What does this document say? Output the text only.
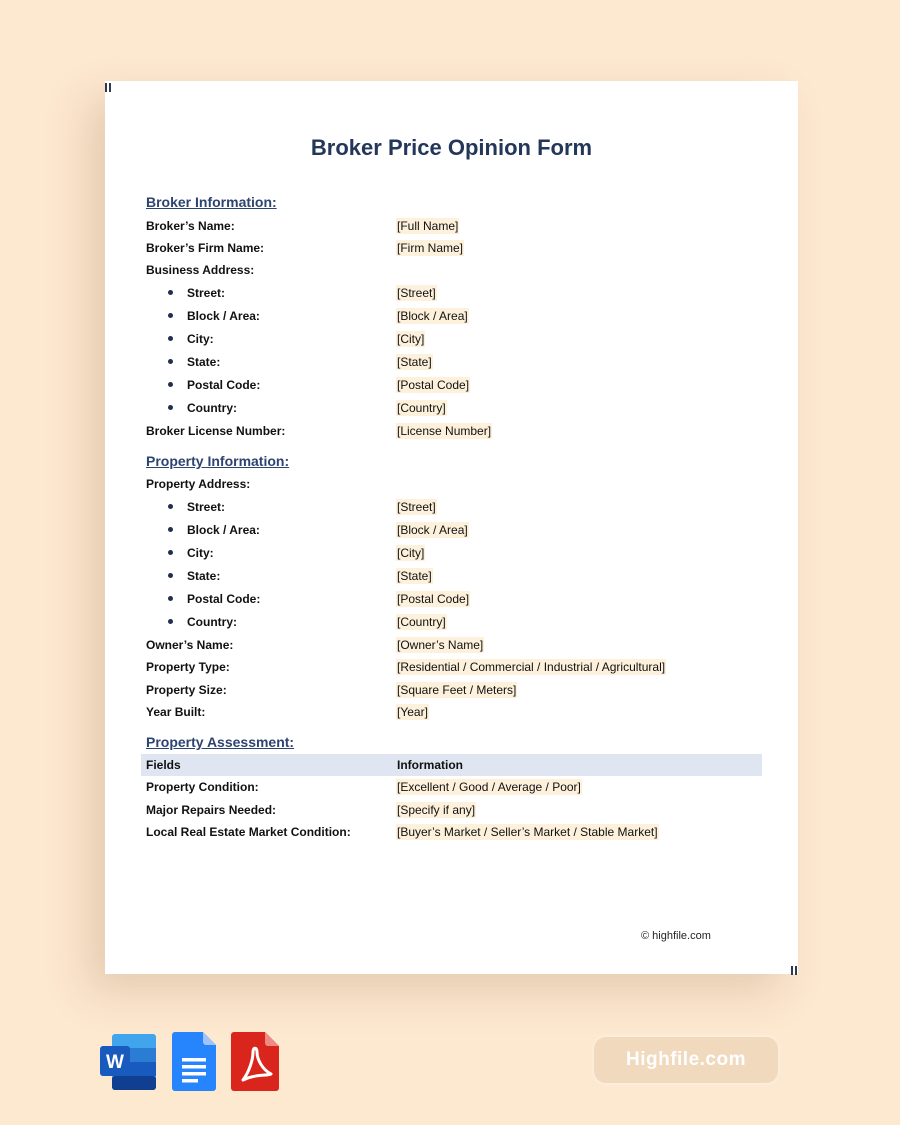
Broker Price Opinion Form
Broker Information:
Broker’s Name:	[Full Name]
Broker’s Firm Name:	[Firm Name]
Business Address:
Street:	[Street]
Block / Area:	[Block / Area]
City:	[City]
State:	[State]
Postal Code:	[Postal Code]
Country:	[Country]
Broker License Number:	[License Number]
Property Information:
Property Address:
Street:	[Street]
Block / Area:	[Block / Area]
City:	[City]
State:	[State]
Postal Code:	[Postal Code]
Country:	[Country]
Owner’s Name:	[Owner’s Name]
Property Type:	[Residential / Commercial / Industrial / Agricultural]
Property Size:	[Square Feet / Meters]
Year Built:	[Year]
Property Assessment:
Fields	Information
Property Condition:	[Excellent / Good / Average / Poor]
Major Repairs Needed:	[Specify if any]
Local Real Estate Market Condition:	[Buyer’s Market / Seller’s Market / Stable Market]
© highfile.com
W	Highfile.com
